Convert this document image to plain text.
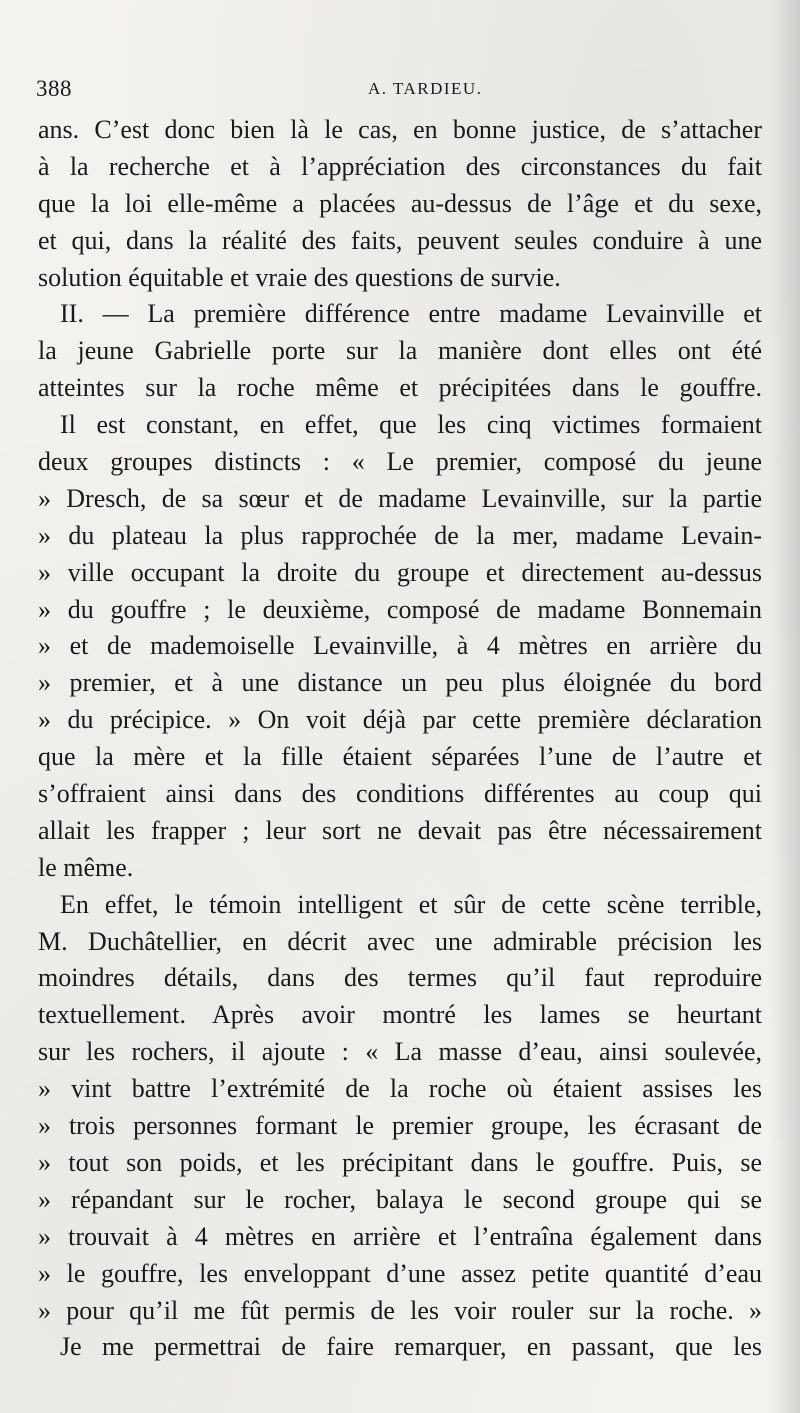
388	A. TARDIEU.
ans. C’est donc bien là le cas, en bonne justice, de s’attacher
à la recherche et à l’appréciation des circonstances du fait
que la loi elle-même a placées au-dessus de l’âge et du sexe,
et qui, dans la réalité des faits, peuvent seules conduire à une
solution équitable et vraie des questions de survie.
II. — La première différence entre madame Levainville et
la jeune Gabrielle porte sur la manière dont elles ont été
atteintes sur la roche même et précipitées dans le gouffre.
Il est constant, en effet, que les cinq victimes formaient
deux groupes distincts : « Le premier, composé du jeune
» Dresch, de sa sœur et de madame Levainville, sur la partie
» du plateau la plus rapprochée de la mer, madame Levain-
» ville occupant la droite du groupe et directement au-dessus
» du gouffre ; le deuxième, composé de madame Bonnemain
» et de mademoiselle Levainville, à 4 mètres en arrière du
» premier, et à une distance un peu plus éloignée du bord
» du précipice. » On voit déjà par cette première déclaration
que la mère et la fille étaient séparées l’une de l’autre et
s’offraient ainsi dans des conditions différentes au coup qui
allait les frapper ; leur sort ne devait pas être nécessairement
le même.
En effet, le témoin intelligent et sûr de cette scène terrible,
M. Duchâtellier, en décrit avec une admirable précision les
moindres détails, dans des termes qu’il faut reproduire
textuellement. Après avoir montré les lames se heurtant
sur les rochers, il ajoute : « La masse d’eau, ainsi soulevée,
» vint battre l’extrémité de la roche où étaient assises les
» trois personnes formant le premier groupe, les écrasant de
» tout son poids, et les précipitant dans le gouffre. Puis, se
» répandant sur le rocher, balaya le second groupe qui se
» trouvait à 4 mètres en arrière et l’entraîna également dans
» le gouffre, les enveloppant d’une assez petite quantité d’eau
» pour qu’il me fût permis de les voir rouler sur la roche. »
Je me permettrai de faire remarquer, en passant, que les
